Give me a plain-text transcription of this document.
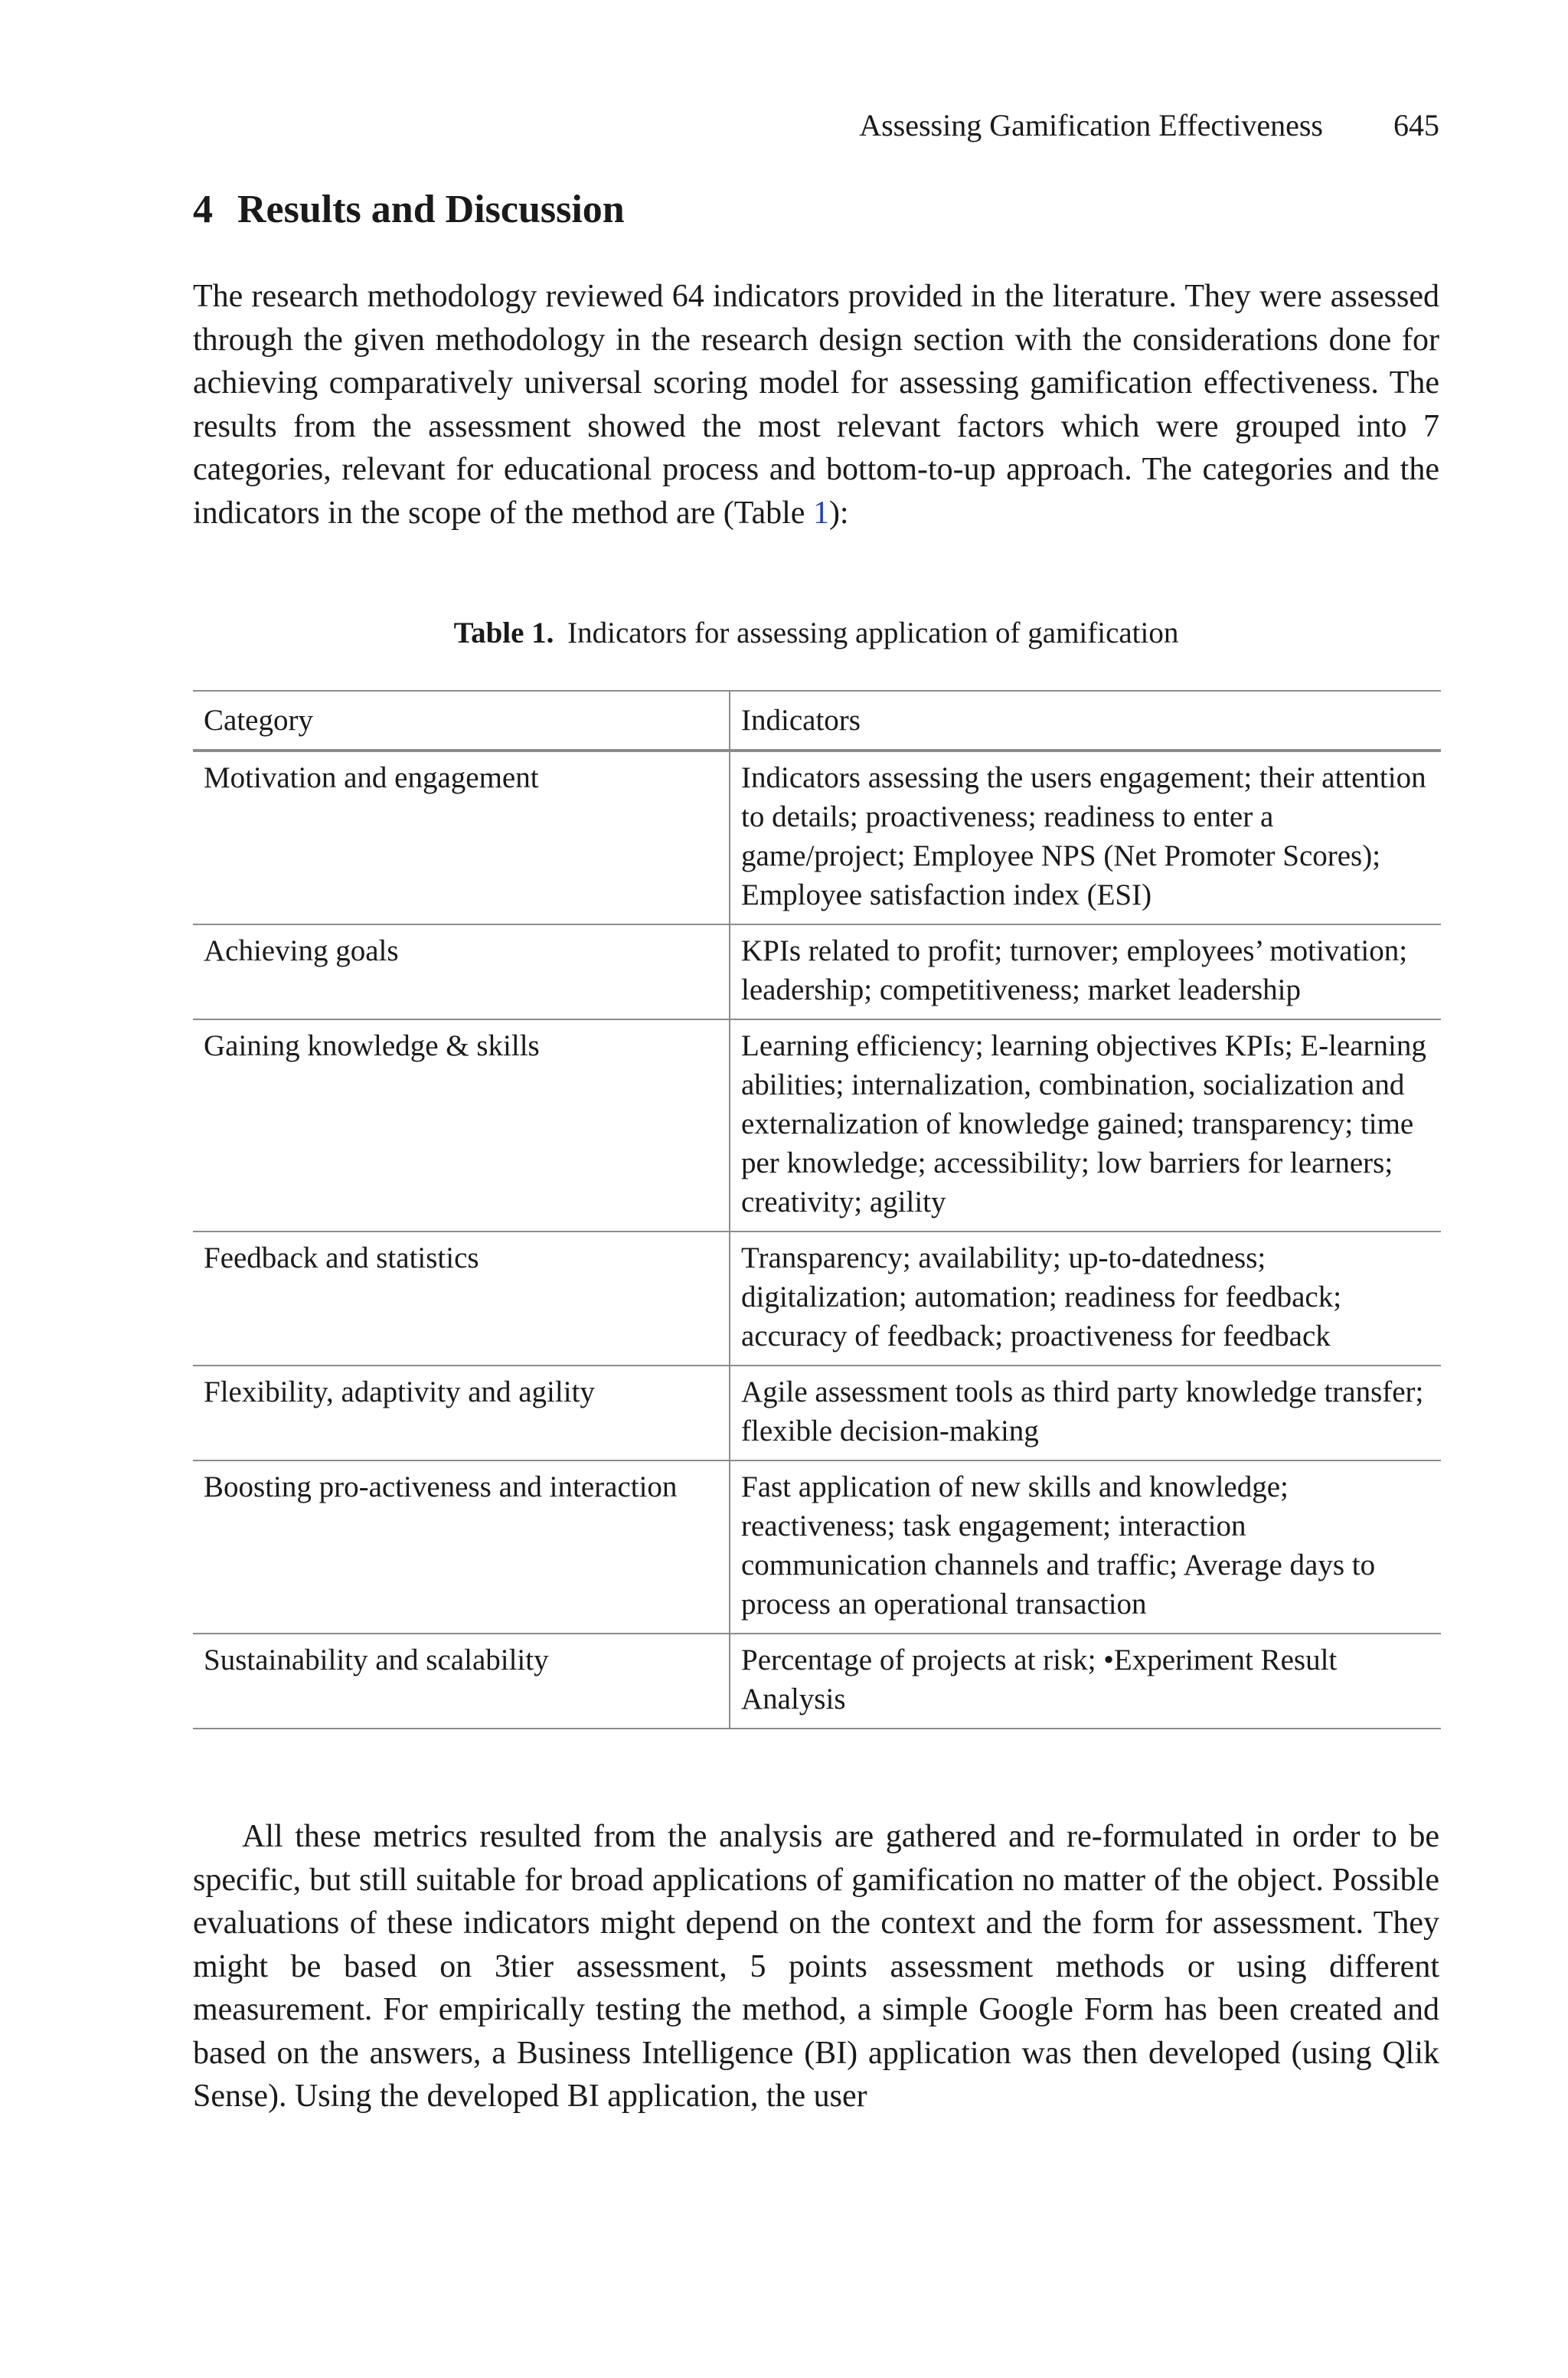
Assessing Gamification Effectiveness 645
4 Results and Discussion

The research methodology reviewed 64 indicators provided in the literature. They were assessed through the given methodology in the research design section with the considerations done for achieving comparatively universal scoring model for assessing gamification effectiveness. The results from the assessment showed the most relevant factors which were grouped into 7 categories, relevant for educational process and bottom-to-up approach. The categories and the indicators in the scope of the method are (Table 1):

Table 1. Indicators for assessing application of gamification
Category	Indicators
Motivation and engagement	Indicators assessing the users engagement; their attention to details; proactiveness; readiness to enter a game/project; Employee NPS (Net Promoter Scores); Employee satisfaction index (ESI)
Achieving goals	KPIs related to profit; turnover; employees’ motivation; leadership; competitiveness; market leadership
Gaining knowledge & skills	Learning efficiency; learning objectives KPIs; E-learning abilities; internalization, combination, socialization and externalization of knowledge gained; transparency; time per knowledge; accessibility; low barriers for learners; creativity; agility
Feedback and statistics	Transparency; availability; up-to-datedness; digitalization; automation; readiness for feedback; accuracy of feedback; proactiveness for feedback
Flexibility, adaptivity and agility	Agile assessment tools as third party knowledge transfer; flexible decision-making
Boosting pro-activeness and interaction	Fast application of new skills and knowledge; reactiveness; task engagement; interaction communication channels and traffic; Average days to process an operational transaction
Sustainability and scalability	Percentage of projects at risk; •Experiment Result Analysis

All these metrics resulted from the analysis are gathered and re-formulated in order to be specific, but still suitable for broad applications of gamification no matter of the object. Possible evaluations of these indicators might depend on the context and the form for assessment. They might be based on 3tier assessment, 5 points assessment methods or using different measurement. For empirically testing the method, a simple Google Form has been created and based on the answers, a Business Intelligence (BI) application was then developed (using Qlik Sense). Using the developed BI application, the user
